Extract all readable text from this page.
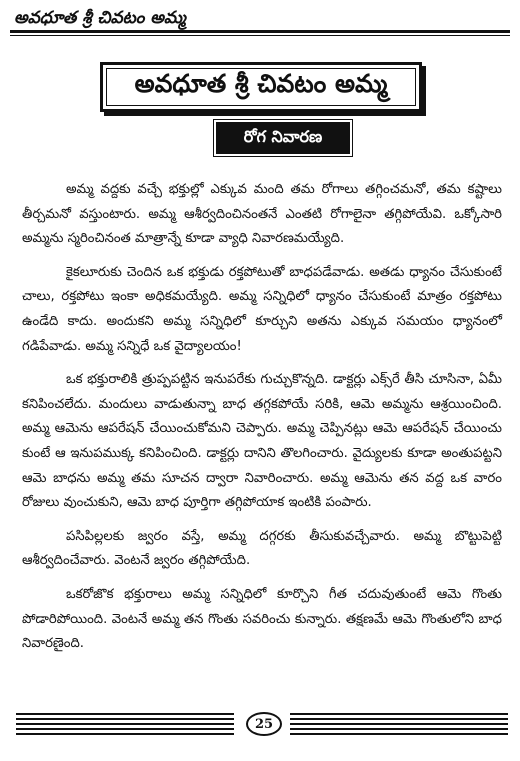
అవధూత శ్రీ చివటం అమ్మ
అవధూత శ్రీ చివటం అమ్మ
రోగ నివారణ

అమ్మ వద్దకు వచ్చే భక్తుల్లో ఎక్కువ మంది తమ రోగాలు తగ్గించమనో, తమ కష్టాలు తీర్చమనో వస్తుంటారు. అమ్మ ఆశీర్వదించినంతనే ఎంతటి రోగాలైనా తగ్గిపోయేవి. ఒక్కోసారి అమ్మను స్మరించినంత మాత్రాన్నే కూడా వ్యాధి నివారణమయ్యేది.

కైకలూరుకు చెందిన ఒక భక్తుడు రక్తపోటుతో బాధపడేవాడు. అతడు ధ్యానం చేసుకుంటే చాలు, రక్తపోటు ఇంకా అధికమయ్యేది. అమ్మ సన్నిధిలో ధ్యానం చేసుకుంటే మాత్రం రక్తపోటు ఉండేది కాదు. అందుకని అమ్మ సన్నిధిలో కూర్చుని అతను ఎక్కువ సమయం ధ్యానంలో గడిపేవాడు. అమ్మ సన్నిధే ఒక వైద్యాలయం!

ఒక భక్తురాలికి త్రుప్పపట్టిన ఇనుపరేకు గుచ్చుకొన్నది. డాక్టర్లు ఎక్స్‌రే తీసి చూసినా, ఏమీ కనిపించలేదు. మందులు వాడుతున్నా బాధ తగ్గకపోయే సరికి, ఆమె అమ్మను ఆశ్రయించింది. అమ్మ ఆమెను ఆపరేషన్ చేయించుకోమని చెప్పారు. అమ్మ చెప్పినట్లు ఆమె ఆపరేషన్ చేయించు కుంటే ఆ ఇనుపముక్క కనిపించింది. డాక్టర్లు దానిని తొలగించారు. వైద్యులకు కూడా అంతుపట్టని ఆమె బాధను అమ్మ తమ సూచన ద్వారా నివారించారు. అమ్మ ఆమెను తన వద్ద ఒక వారం రోజులు వుంచుకుని, ఆమె బాధ పూర్తిగా తగ్గిపోయాక ఇంటికి పంపారు.

పసిపిల్లలకు జ్వరం వస్తే, అమ్మ దగ్గరకు తీసుకువచ్చేవారు. అమ్మ బొట్టుపెట్టి ఆశీర్వదించేవారు. వెంటనే జ్వరం తగ్గిపోయేది.

ఒకరోజొక భక్తురాలు అమ్మ సన్నిధిలో కూర్చొని గీత చదువుతుంటే ఆమె గొంతు పోడారిపోయింది. వెంటనే అమ్మ తన గొంతు సవరించు కున్నారు. తక్షణమే ఆమె గొంతులోని బాధ నివారణైంది.

25
